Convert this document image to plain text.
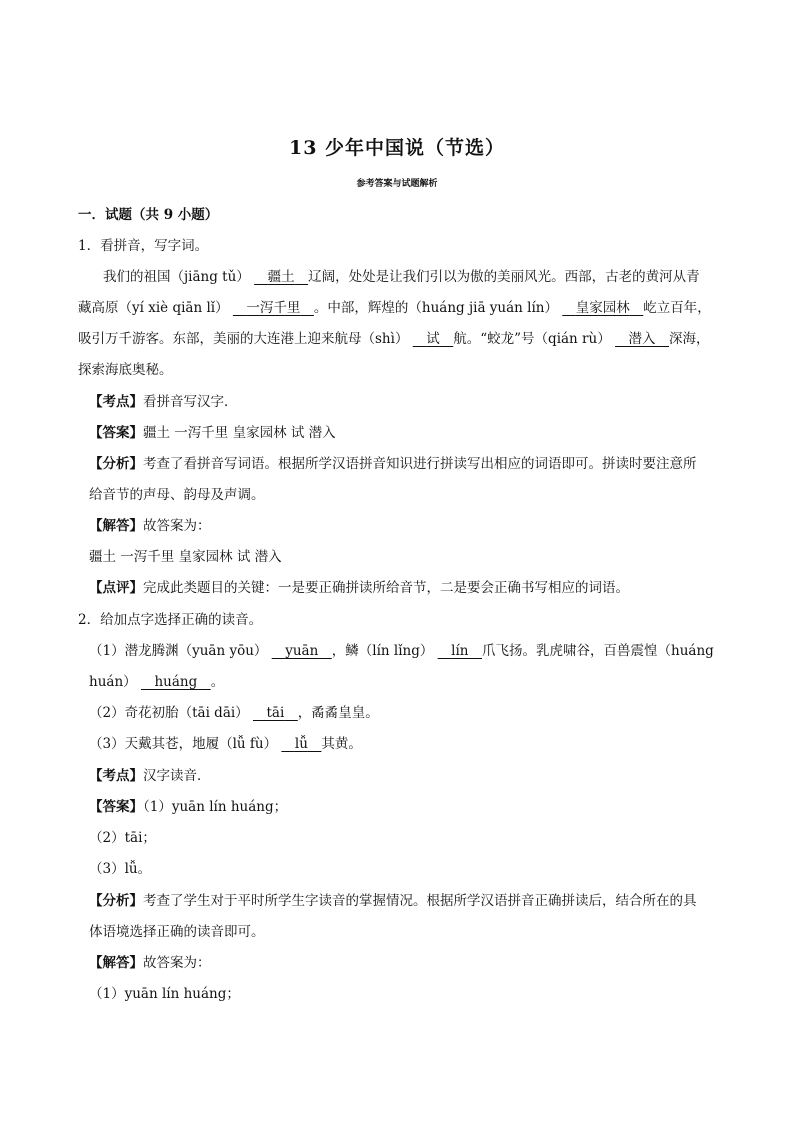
13 少年中国说（节选）
参考答案与试题解析
一．试题（共 9 小题）
1．看拼音，写字词。
我们的祖国（jiāng tǔ） 　 疆土　 辽阔，处处是让我们引以为傲的美丽风光。西部，古老的黄河从青
藏高原（yí xiè qiān lǐ） 　 一泻千里　 。中部，辉煌的（huáng jiā yuán lín） 　 皇家园林　 屹立百年，
吸引万千游客。东部，美丽的大连港上迎来航母（shì） 　 试　 航。“蛟龙”号（qián rù） 　 潜入　 深海，
探索海底奥秘。
【考点】看拼音写汉字．
【答案】疆土 一泻千里 皇家园林 试 潜入
【分析】考查了看拼音写词语。根据所学汉语拼音知识进行拼读写出相应的词语即可。拼读时要注意所
给音节的声母、韵母及声调。
【解答】故答案为：
疆土 一泻千里 皇家园林 试 潜入
【点评】完成此类题目的关键：一是要正确拼读所给音节，二是要会正确书写相应的词语。
2．给加点字选择正确的读音。
（1）潜龙腾渊（yuān yōu） 　 yuān　 ，鳞（lín lǐng） 　 lín　 爪飞扬。乳虎啸谷，百兽震惶（huáng
huán） 　 huáng　 。
（2）奇花初胎（tāi dāi） 　 tāi　 ，矞矞皇皇。
（3）天戴其苍，地履（lǚ fù） 　 lǚ　 其黄。
【考点】汉字读音．
【答案】（1）yuān lín huáng；
（2）tāi；
（3）lǚ。
【分析】考查了学生对于平时所学生字读音的掌握情况。根据所学汉语拼音正确拼读后，结合所在的具
体语境选择正确的读音即可。
【解答】故答案为：
（1）yuān lín huáng；
